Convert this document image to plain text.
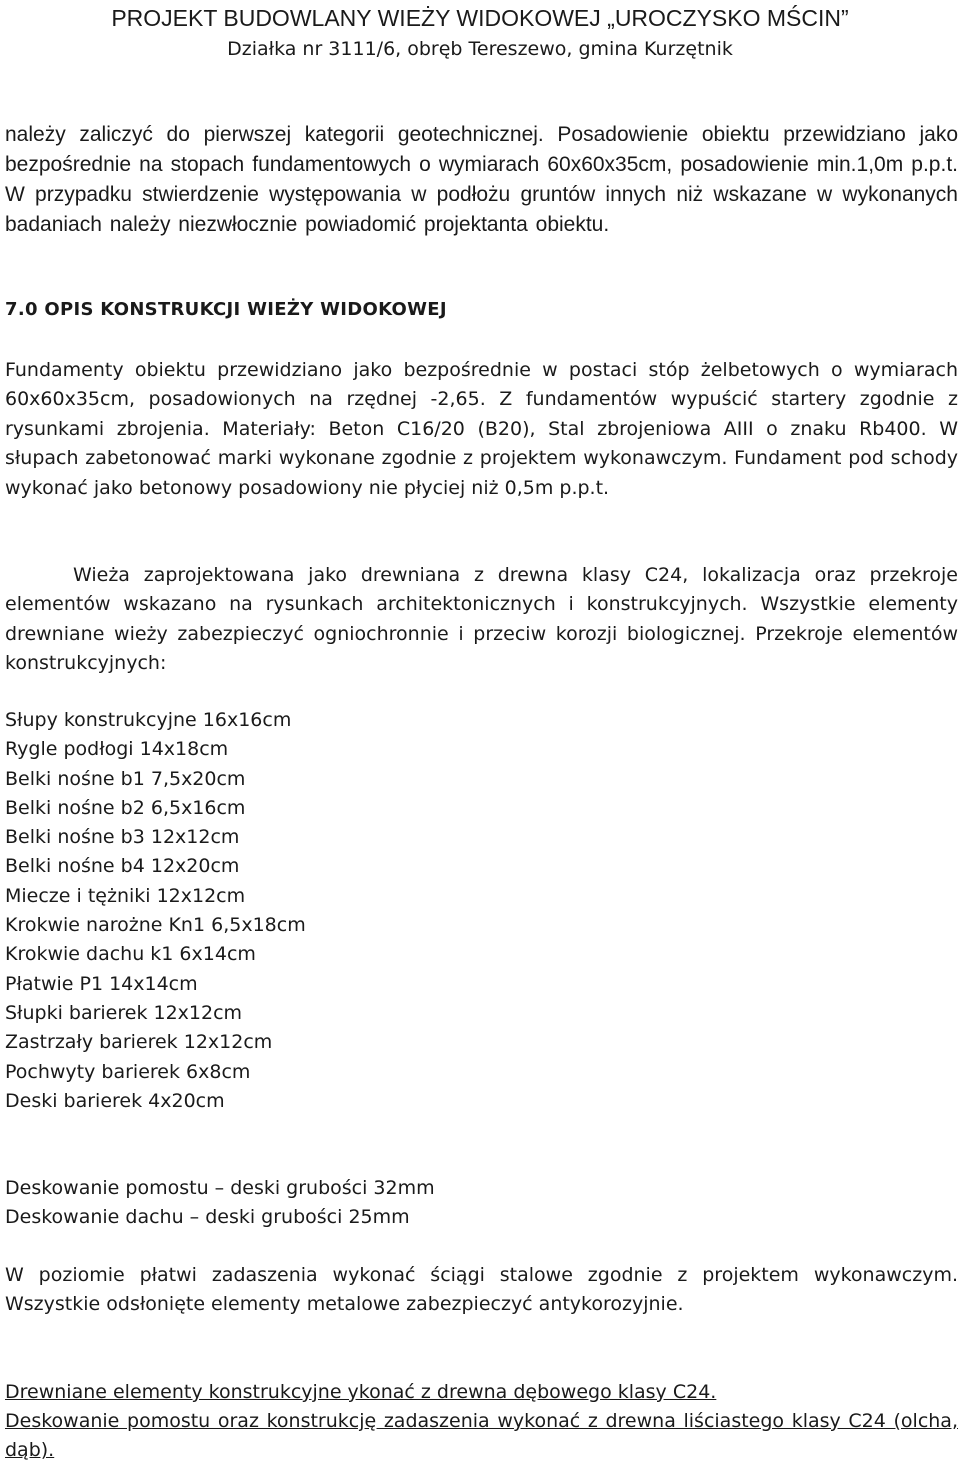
PROJEKT BUDOWLANY WIEŻY WIDOKOWEJ „UROCZYSKO MŚCIN”
Działka nr 3111/6, obręb Tereszewo, gmina Kurzętnik

należy zaliczyć do pierwszej kategorii geotechnicznej. Posadowienie obiektu przewidziano jako bezpośrednie na stopach fundamentowych o wymiarach 60x60x35cm, posadowienie min.1,0m p.p.t. W przypadku stwierdzenie występowania w podłożu gruntów innych niż wskazane w wykonanych badaniach należy niezwłocznie powiadomić projektanta obiektu.

7.0 OPIS KONSTRUKCJI WIEŻY WIDOKOWEJ

Fundamenty obiektu przewidziano jako bezpośrednie w postaci stóp żelbetowych o wymiarach 60x60x35cm, posadowionych na rzędnej -2,65. Z fundamentów wypuścić startery zgodnie z rysunkami zbrojenia. Materiały: Beton C16/20 (B20), Stal zbrojeniowa AIII o znaku Rb400. W słupach zabetonować marki wykonane zgodnie z projektem wykonawczym. Fundament pod schody wykonać jako betonowy posadowiony nie płyciej niż 0,5m p.p.t.

Wieża zaprojektowana jako drewniana z drewna klasy C24, lokalizacja oraz przekroje elementów wskazano na rysunkach architektonicznych i konstrukcyjnych. Wszystkie elementy drewniane wieży zabezpieczyć ogniochronnie i przeciw korozji biologicznej. Przekroje elementów konstrukcyjnych:

Słupy konstrukcyjne 16x16cm
Rygle podłogi 14x18cm
Belki nośne b1 7,5x20cm
Belki nośne b2 6,5x16cm
Belki nośne b3 12x12cm
Belki nośne b4 12x20cm
Miecze i tężniki 12x12cm
Krokwie narożne Kn1 6,5x18cm
Krokwie dachu k1 6x14cm
Płatwie P1 14x14cm
Słupki barierek 12x12cm
Zastrzały barierek 12x12cm
Pochwyty barierek 6x8cm
Deski barierek 4x20cm
Deskowanie pomostu – deski grubości 32mm
Deskowanie dachu – deski grubości 25mm

W poziomie płatwi zadaszenia wykonać ściągi stalowe zgodnie z projektem wykonawczym. Wszystkie odsłonięte elementy metalowe zabezpieczyć antykorozyjnie.

Drewniane elementy konstrukcyjne ykonać z drewna dębowego klasy C24.

Deskowanie pomostu oraz konstrukcję zadaszenia wykonać z drewna liściastego klasy C24 (olcha, dąb).
